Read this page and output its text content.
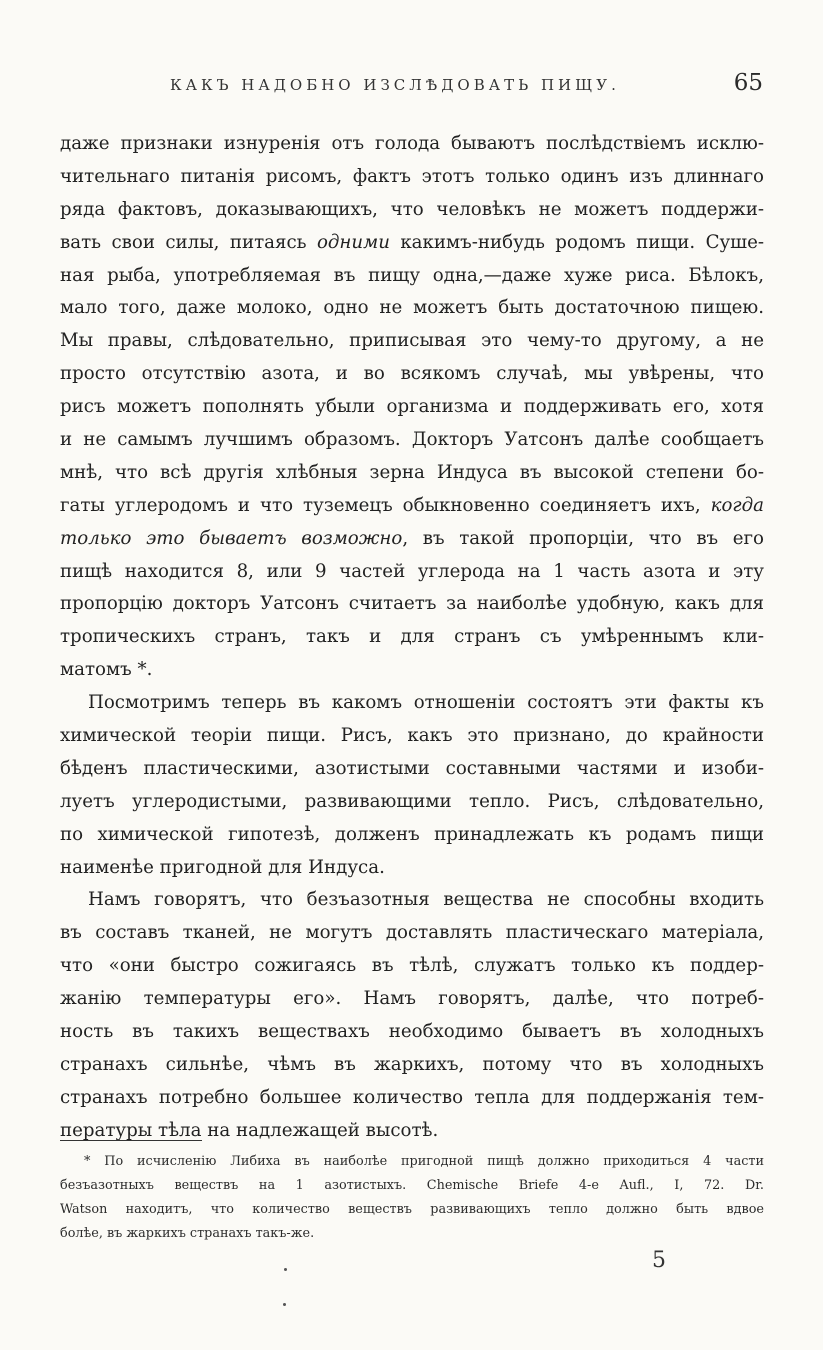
КАКЪ НАДОБНО ИЗСЛѢДОВАТЬ ПИЩУ.	65
даже признаки изнуренія отъ голода бываютъ послѣдствіемъ исклю-
чительнаго питанія рисомъ, фактъ этотъ только одинъ изъ длиннаго
ряда фактовъ, доказывающихъ, что человѣкъ не можетъ поддержи-
вать свои силы, питаясь одними какимъ-нибудь родомъ пищи. Суше-
ная рыба, употребляемая въ пищу одна,—даже хуже риса. Бѣлокъ,
мало того, даже молоко, одно не можетъ быть достаточною пищею.
Мы правы, слѣдовательно, приписывая это чему-то другому, а не
просто отсутствію азота, и во всякомъ случаѣ, мы увѣрены, что
рисъ можетъ пополнять убыли организма и поддерживать его, хотя
и не самымъ лучшимъ образомъ. Докторъ Уатсонъ далѣе сообщаетъ
мнѣ, что всѣ другія хлѣбныя зерна Индуса въ высокой степени бо-
гаты углеродомъ и что туземецъ обыкновенно соединяетъ ихъ, когда
только это бываетъ возможно, въ такой пропорціи, что въ его
пищѣ находится 8, или 9 частей углерода на 1 часть азота и эту
пропорцію докторъ Уатсонъ считаетъ за наиболѣе удобную, какъ для
тропическихъ странъ, такъ и для странъ съ умѣреннымъ кли-
матомъ *.
Посмотримъ теперь въ какомъ отношеніи состоятъ эти факты къ
химической теоріи пищи. Рисъ, какъ это признано, до крайности
бѣденъ пластическими, азотистыми составными частями и изоби-
луетъ углеродистыми, развивающими тепло. Рисъ, слѣдовательно,
по химической гипотезѣ, долженъ принадлежать къ родамъ пищи
наименѣе пригодной для Индуса.
Намъ говорятъ, что безъазотныя вещества не способны входить
въ составъ тканей, не могутъ доставлять пластическаго матеріала,
что «они быстро сожигаясь въ тѣлѣ, служатъ только къ поддер-
жанію температуры его». Намъ говорятъ, далѣе, что потреб-
ность въ такихъ веществахъ необходимо бываетъ въ холодныхъ
странахъ сильнѣе, чѣмъ въ жаркихъ, потому что въ холодныхъ
странахъ потребно большее количество тепла для поддержанія тем-
пературы тѣла на надлежащей высотѣ.
* По исчисленію Либиха въ наиболѣе пригодной пищѣ должно приходиться 4 части
безъазотныхъ веществъ на 1 азотистыхъ. Chemische Briefe 4-e Aufl., I, 72. Dr.
Watson находитъ, что количество веществъ развивающихъ тепло должно быть вдвое
болѣе, въ жаркихъ странахъ такъ-же.
5
